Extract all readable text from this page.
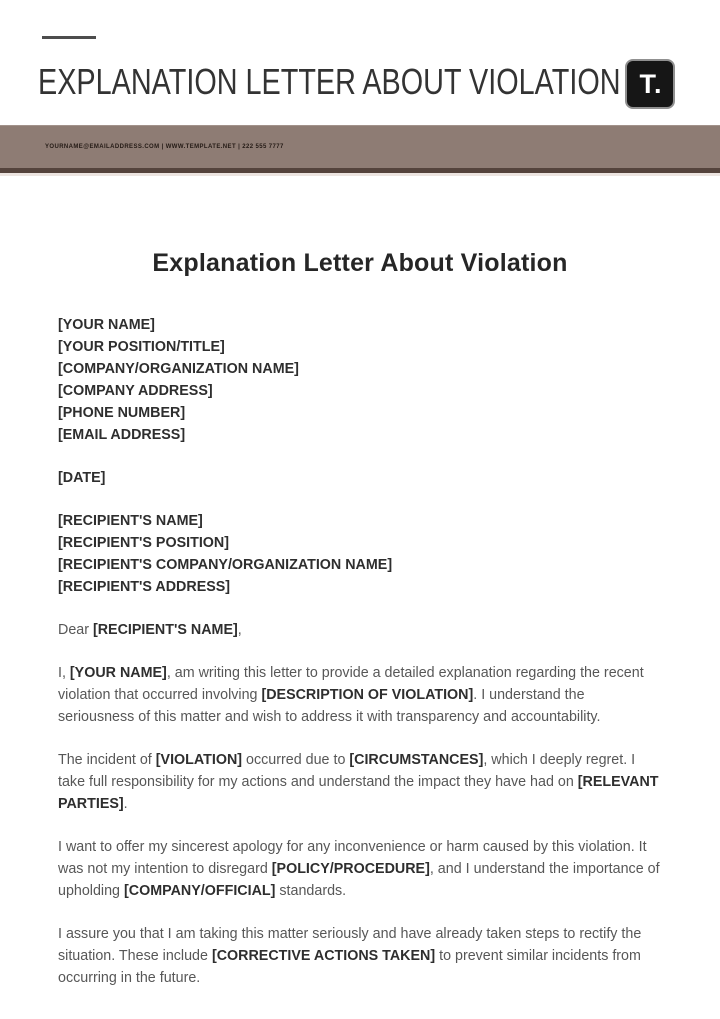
EXPLANATION LETTER ABOUT VIOLATION T.
YOURNAME@EMAILADDRESS.COM | WWW.TEMPLATE.NET | 222 555 7777
Explanation Letter About Violation
[YOUR NAME]
[YOUR POSITION/TITLE]
[COMPANY/ORGANIZATION NAME]
[COMPANY ADDRESS]
[PHONE NUMBER]
[EMAIL ADDRESS]
[DATE]
[RECIPIENT'S NAME]
[RECIPIENT'S POSITION]
[RECIPIENT'S COMPANY/ORGANIZATION NAME]
[RECIPIENT'S ADDRESS]

Dear [RECIPIENT'S NAME],

I, [YOUR NAME], am writing this letter to provide a detailed explanation regarding the recent violation that occurred involving [DESCRIPTION OF VIOLATION]. I understand the seriousness of this matter and wish to address it with transparency and accountability.

The incident of [VIOLATION] occurred due to [CIRCUMSTANCES], which I deeply regret. I take full responsibility for my actions and understand the impact they have had on [RELEVANT PARTIES].

I want to offer my sincerest apology for any inconvenience or harm caused by this violation. It was not my intention to disregard [POLICY/PROCEDURE], and I understand the importance of upholding [COMPANY/OFFICIAL] standards.

I assure you that I am taking this matter seriously and have already taken steps to rectify the situation. These include [CORRECTIVE ACTIONS TAKEN] to prevent similar incidents from occurring in the future.
